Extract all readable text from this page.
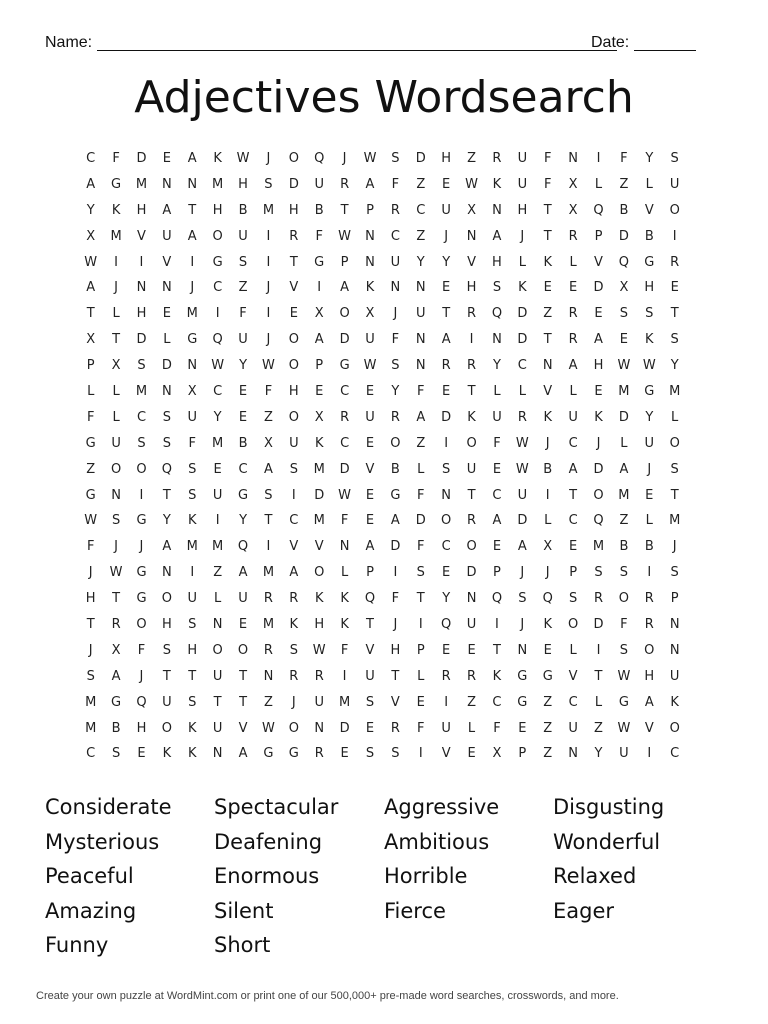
Name:	Date:
Adjectives Wordsearch
C	F	D	E	A	K	W	J	O	Q	J	W	S	D	H	Z	R	U	F	N	I	F	Y	S
A	G	M	N	N	M	H	S	D	U	R	A	F	Z	E	W	K	U	F	X	L	Z	L	U
Y	K	H	A	T	H	B	M	H	B	T	P	R	C	U	X	N	H	T	X	Q	B	V	O
X	M	V	U	A	O	U	I	R	F	W	N	C	Z	J	N	A	J	T	R	P	D	B	I
W	I	I	V	I	G	S	I	T	G	P	N	U	Y	Y	V	H	L	K	L	V	Q	G	R
A	J	N	N	J	C	Z	J	V	I	A	K	N	N	E	H	S	K	E	E	D	X	H	E
T	L	H	E	M	I	F	I	E	X	O	X	J	U	T	R	Q	D	Z	R	E	S	S	T
X	T	D	L	G	Q	U	J	O	A	D	U	F	N	A	I	N	D	T	R	A	E	K	S
P	X	S	D	N	W	Y	W	O	P	G	W	S	N	R	R	Y	C	N	A	H	W W	Y
L	L	M	N	X	C	E	F	H	E	C	E	Y	F	E	T	L	L	V	L	E	M	G	M
F	L	C	S	U	Y	E	Z	O	X	R	U	R	A	D	K	U	R	K	U	K	D	Y	L
G	U	S	S	F	M	B	X	U	K	C	E	O	Z	I	O	F	W	J	C	J	L	U	O
Z	O	O	Q	S	E	C	A	S	M	D	V	B	L	S	U	E	W	B	A	D	A	J	S
G	N	I	T	S	U	G	S	I	D	W	E	G	F	N	T	C	U	I	T	O	M	E	T
W	S	G	Y	K	I	Y	T	C	M	F	E	A	D	O	R	A	D	L	C	Q	Z	L	M
F	J	J	A	M	M	Q	I	V	V	N	A	D	F	C	O	E	A	X	E	M	B	B	J
J	W	G	N	I	Z	A	M	A	O	L	P	I	S	E	D	P	J	J	P	S	S	I	S
H	T	G	O	U	L	U	R	R	K	K	Q	F	T	Y	N	Q	S	Q	S	R	O	R	P
T	R	O	H	S	N	E	M	K	H	K	T	J	I	Q	U	I	J	K	O	D	F	R	N
J	X	F	S	H	O	O	R	S	W	F	V	H	P	E	E	T	N	E	L	I	S	O	N
S	A	J	T	T	U	T	N	R	R	I	U	T	L	R	R	K	G	G	V	T	W	H	U
M	G	Q	U	S	T	T	Z	J	U	M	S	V	E	I	Z	C	G	Z	C	L	G	A	K
M	B	H	O	K	U	V	W	O	N	D	E	R	F	U	L	F	E	Z	U	Z	W	V	O
C	S	E	K	K	N	A	G	G	R	E	S	S	I	V	E	X	P	Z	N	Y	U	I	C
Considerate	Spectacular	Aggressive	Disgusting
Mysterious	Deafening	Ambitious	Wonderful
Peaceful	Enormous	Horrible	Relaxed
Amazing	Silent	Fierce	Eager
Funny	Short
Create your own puzzle at WordMint.com or print one of our 500,000+ pre-made word searches, crosswords, and more.
